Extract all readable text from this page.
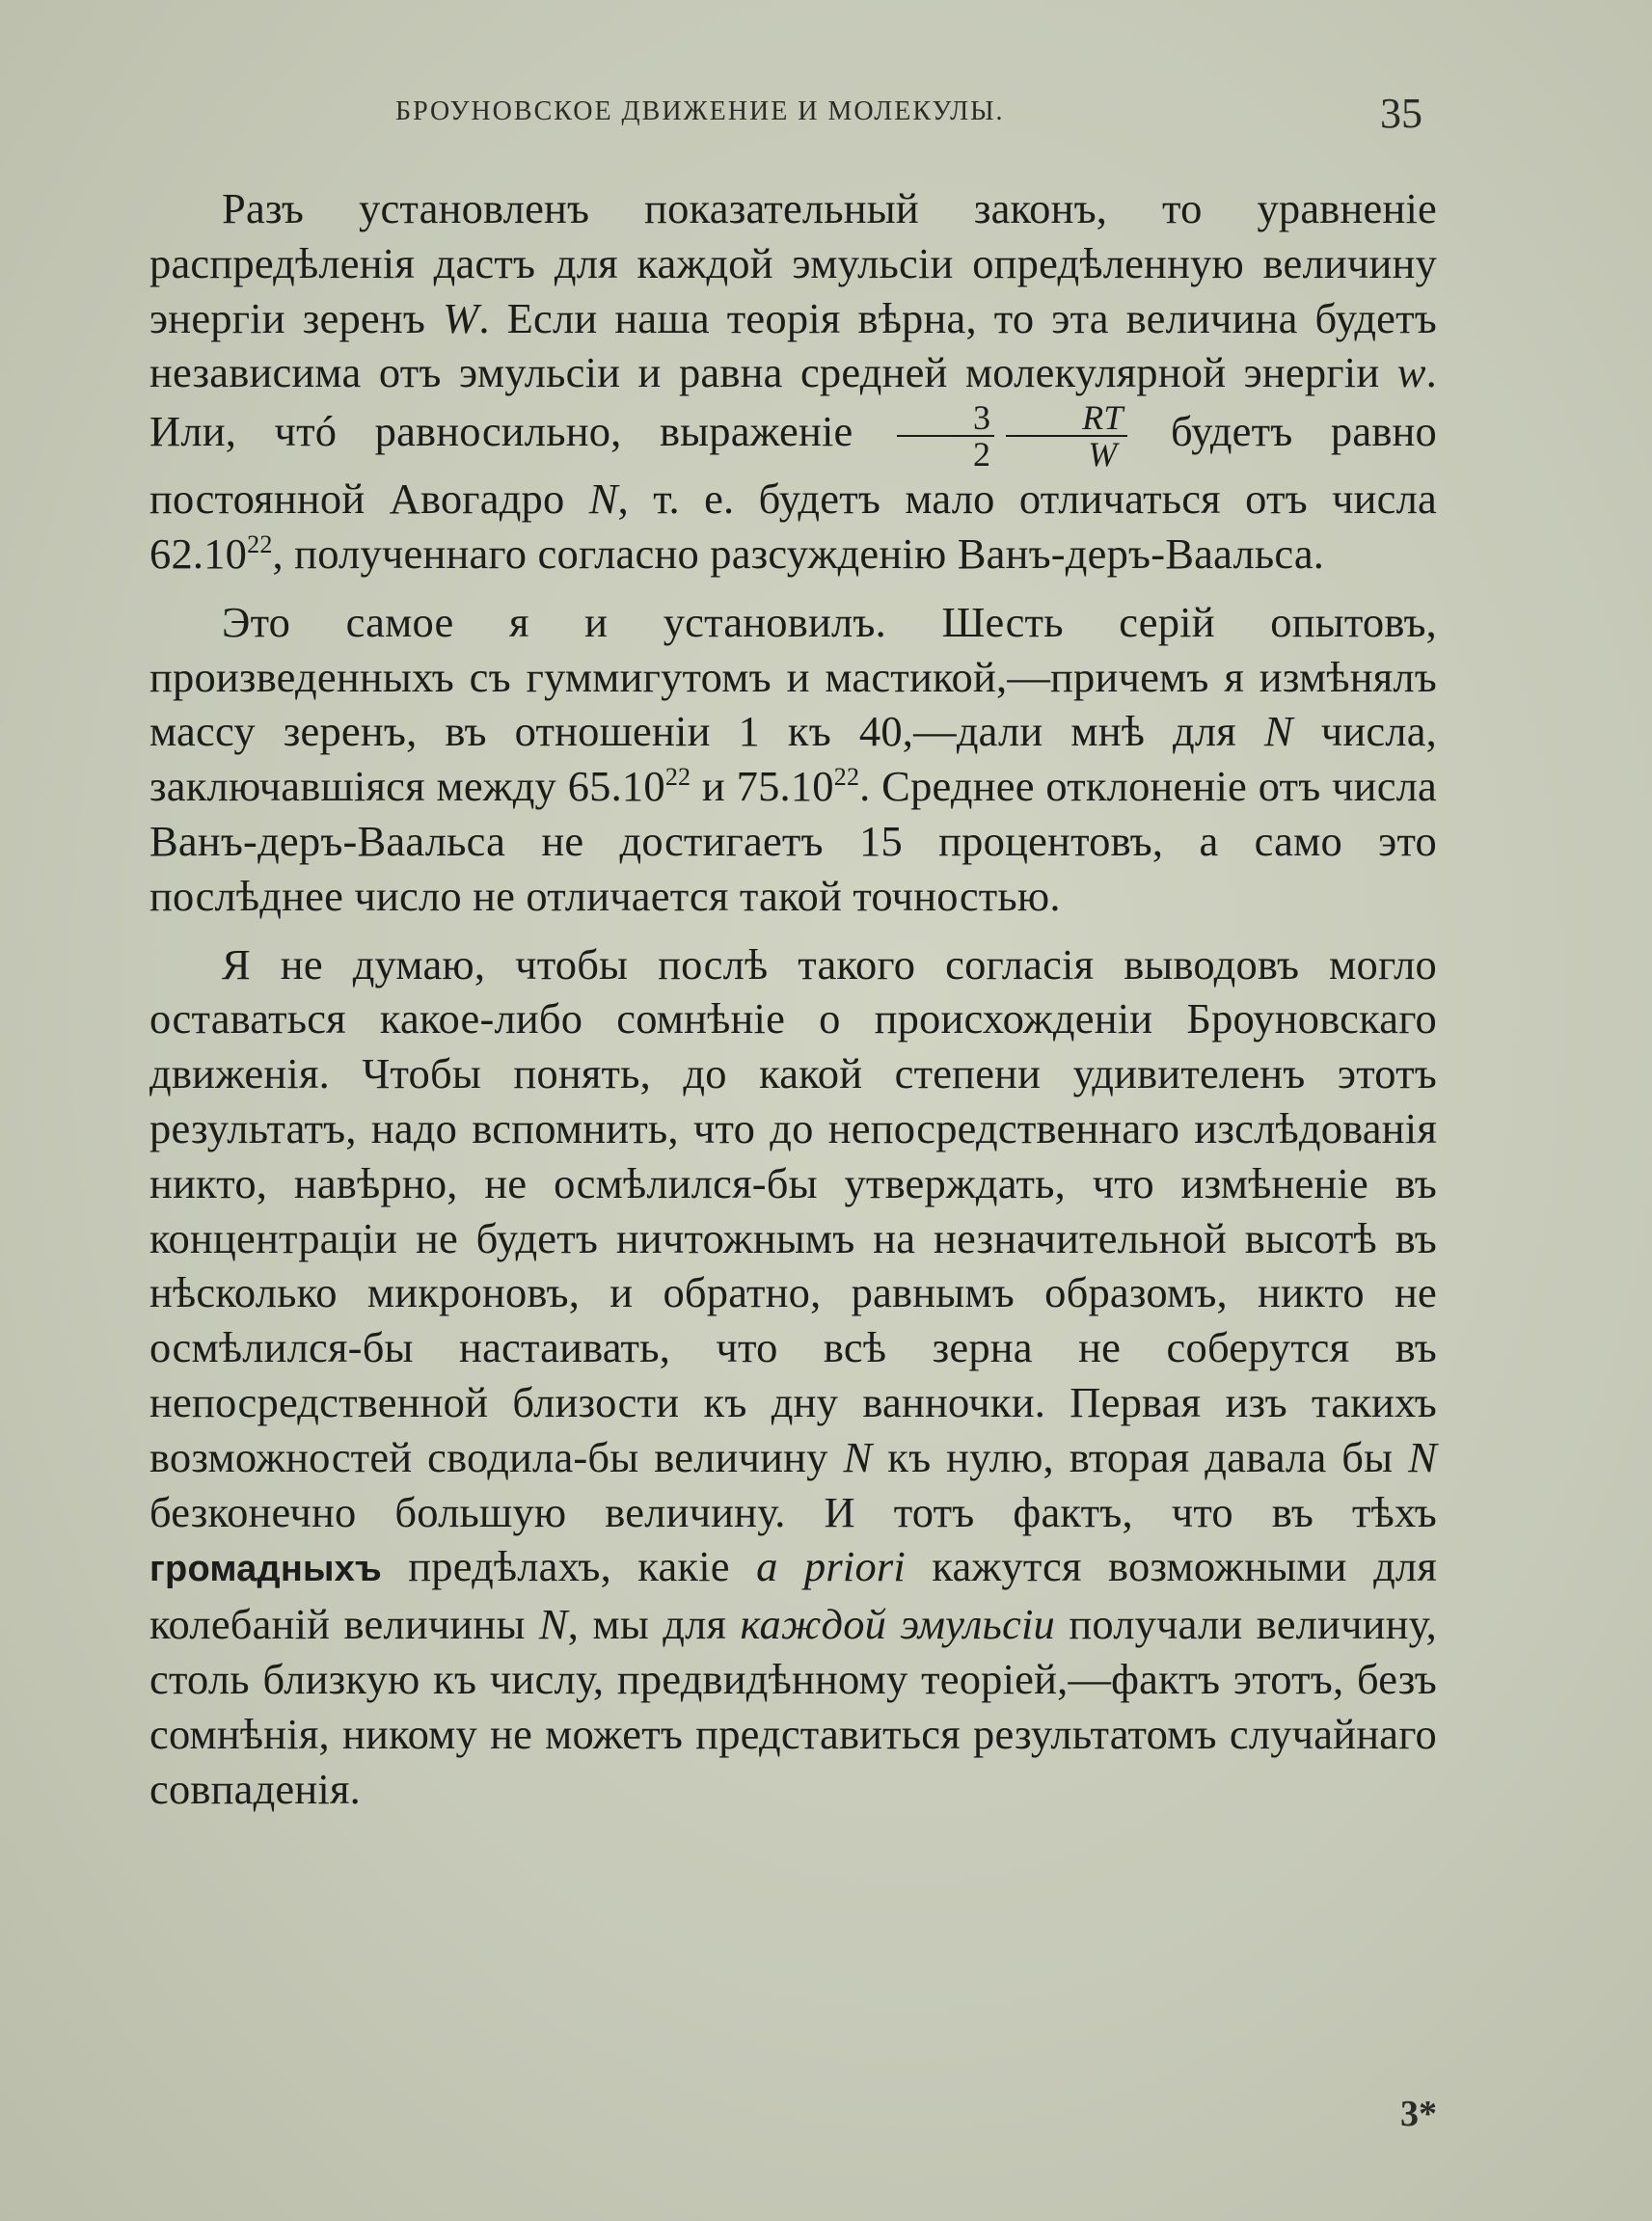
БРОУНОВСКОЕ ДВИЖЕНИЕ И МОЛЕКУЛЫ.	35

Разъ установленъ показательный законъ, то уравненіе распредѣленія дастъ для каждой эмульсіи опредѣленную величину энергіи зеренъ W. Если наша теорія вѣрна, то эта величина будетъ независима отъ эмульсіи и равна средней молекулярной энергіи w. Или, чтó равносильно, выраженіе $\frac{3}{2} \frac{RT}{W}$ будетъ равно постоянной Авогадро N, т. е. будетъ мало отличаться отъ числа 62.10$^{22}$, полученнаго согласно разсужденію Ванъ-деръ-Ваальса.

Это самое я и установилъ. Шесть серій опытовъ, произведенныхъ съ гуммигутомъ и мастикой,—причемъ я измѣнялъ массу зеренъ, въ отношеніи 1 къ 40,—дали мнѣ для N числа, заключавшіяся между 65.10$^{22}$ и 75.10$^{22}$. Среднее отклоненіе отъ числа Ванъ-деръ-Ваальса не достигаетъ 15 процентовъ, а само это послѣднее число не отличается такой точностью.

Я не думаю, чтобы послѣ такого согласія выводовъ могло оставаться какое-либо сомнѣніе о происхожденіи Броуновскаго движенія. Чтобы понять, до какой степени удивителенъ этотъ результатъ, надо вспомнить, что до непосредственнаго изслѣдованія никто, навѣрно, не осмѣлился-бы утверждать, что измѣненіе въ концентраціи не будетъ ничтожнымъ на незначительной высотѣ въ нѣсколько микроновъ, и обратно, равнымъ образомъ, никто не осмѣлился-бы настаивать, что всѣ зерна не соберутся въ непосредственной близости къ дну ванночки. Первая изъ такихъ возможностей сводила-бы величину N къ нулю, вторая давала бы N безконечно большую величину. И тотъ фактъ, что въ тѣхъ громадныхъ предѣлахъ, какіе a priori кажутся возможными для колебаній величины N, мы для каждой эмульсіи получали величину, столь близкую къ числу, предвидѣнному теоріей,—фактъ этотъ, безъ сомнѣнія, никому не можетъ представиться результатомъ случайнаго совпаденія.

3*
